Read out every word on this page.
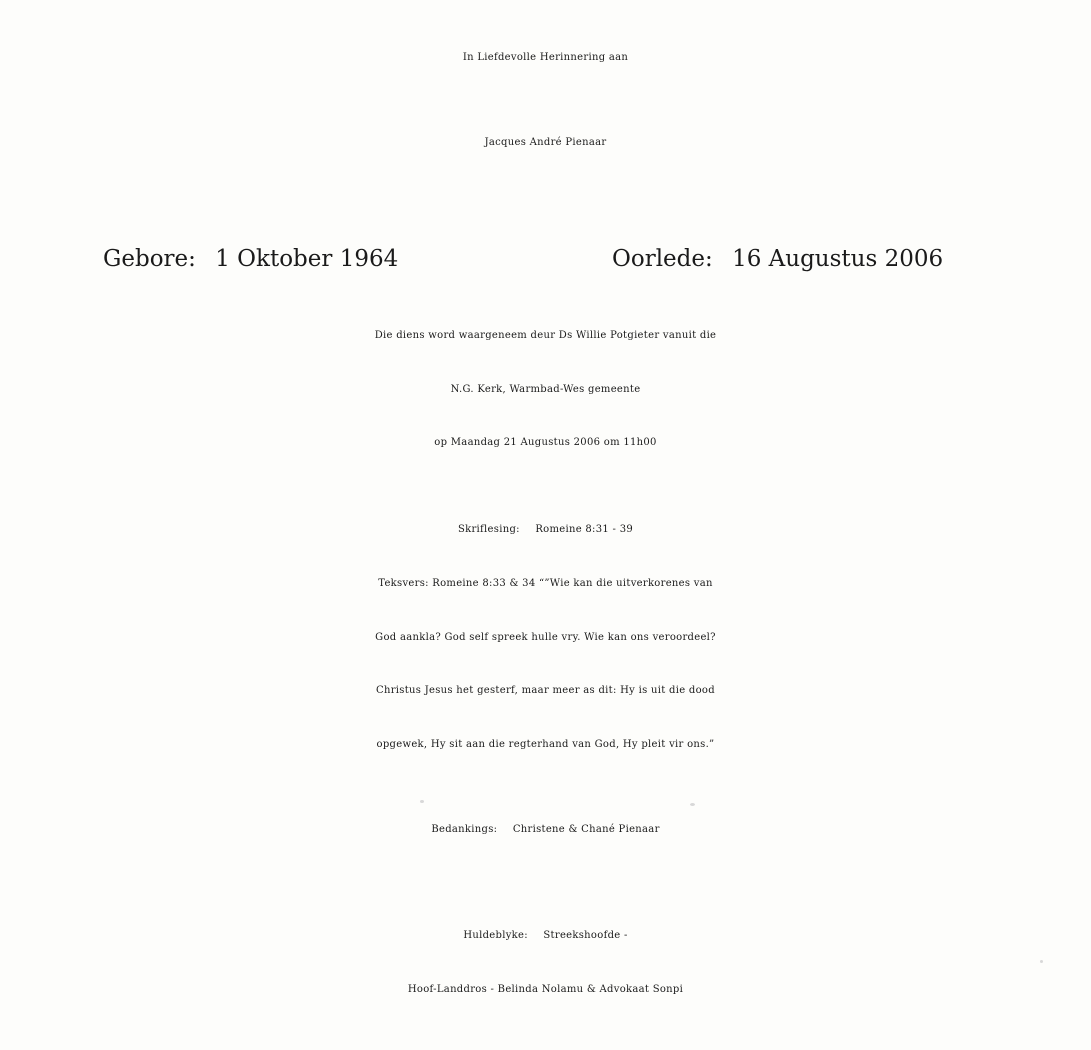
In Liefdevolle Herinnering aan
Jacques André Pienaar
Gebore: 1 Oktober 1964	Oorlede: 16 Augustus 2006
Die diens word waargeneem deur Ds Willie Potgieter vanuit die
N.G. Kerk, Warmbad-Wes gemeente
op Maandag 21 Augustus 2006 om 11h00
Skriflesing: Romeine 8:31 - 39
Teksvers: Romeine 8:33 & 34 “”Wie kan die uitverkorenes van
God aankla? God self spreek hulle vry. Wie kan ons veroordeel?
Christus Jesus het gesterf, maar meer as dit: Hy is uit die dood
opgewek, Hy sit aan die regterhand van God, Hy pleit vir ons.”
Bedankings: Christene & Chané Pienaar
Huldeblyke: Streekshoofde -
Hoof-Landdros - Belinda Nolamu & Advokaat Sonpi
